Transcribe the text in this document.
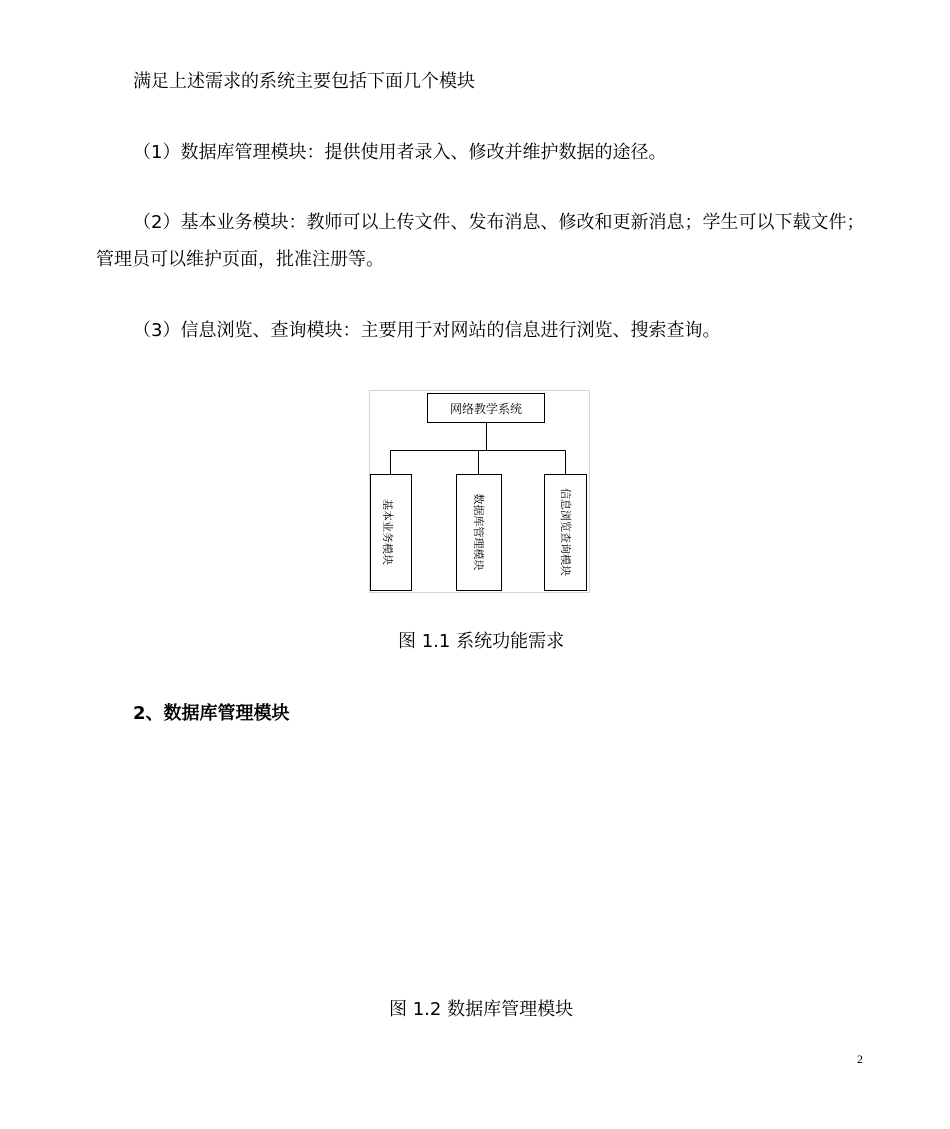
满足上述需求的系统主要包括下面几个模块
（1）数据库管理模块：提供使用者录入、修改并维护数据的途径。
（2）基本业务模块：教师可以上传文件、发布消息、修改和更新消息；学生可以下载文件；
管理员可以维护页面，批准注册等。
（3）信息浏览、查询模块：主要用于对网站的信息进行浏览、搜索查询。
网络教学系统
基本业务模块	数据库管理模块	信息浏览查询模块
图 1.1 系统功能需求
2、数据库管理模块
图 1.2 数据库管理模块
2
